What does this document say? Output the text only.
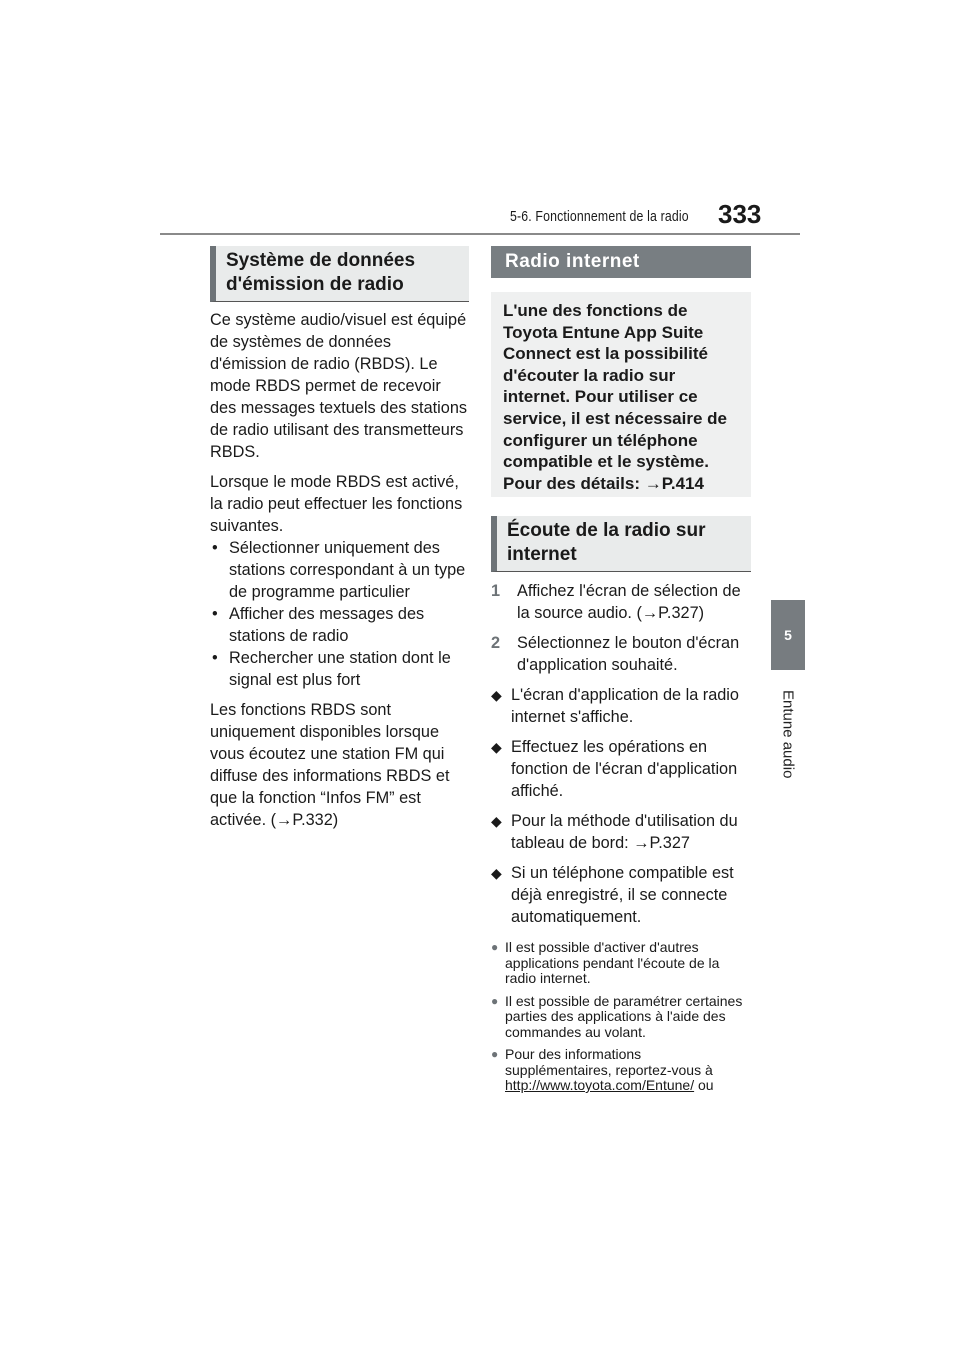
5-6. Fonctionnement de la radio 333
5
Entune audio
Système de données d'émission de radio

Ce système audio/visuel est équipé de systèmes de données d'émission de radio (RBDS). Le mode RBDS permet de recevoir des messages textuels des stations de radio utilisant des transmetteurs RBDS.

Lorsque le mode RBDS est activé, la radio peut effectuer les fonctions suivantes.

• Sélectionner uniquement des stations correspondant à un type de programme particulier
• Afficher des messages des stations de radio
• Rechercher une station dont le signal est plus fort

Les fonctions RBDS sont uniquement disponibles lorsque vous écoutez une station FM qui diffuse des informations RBDS et que la fonction “Infos FM” est activée. (→P.332)

Radio internet
L'une des fonctions de Toyota Entune App Suite Connect est la possibilité d'écouter la radio sur internet. Pour utiliser ce service, il est nécessaire de configurer un téléphone compatible et le système. Pour des détails: →P.414
Écoute de la radio sur internet
1 Affichez l'écran de sélection de la source audio. (→P.327)
2 Sélectionnez le bouton d'écran d'application souhaité.
◆ L'écran d'application de la radio internet s'affiche.
◆ Effectuez les opérations en fonction de l'écran d'application affiché.
◆ Pour la méthode d'utilisation du tableau de bord: →P.327
◆ Si un téléphone compatible est déjà enregistré, il se connecte automatiquement.
● Il est possible d'activer d'autres applications pendant l'écoute de la radio internet.
● Il est possible de paramétrer certaines parties des applications à l'aide des commandes au volant.
● Pour des informations supplémentaires, reportez-vous à
http://www.toyota.com/Entune/ ou
